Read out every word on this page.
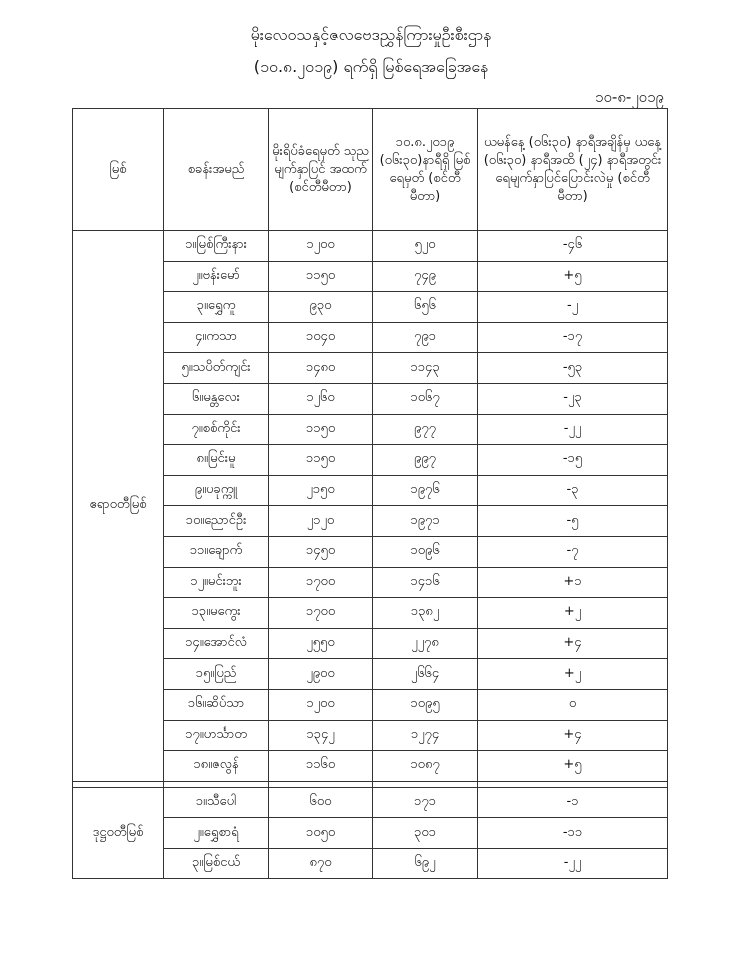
မိုးလေဝသနှင့်ဇလဗေဒညွှန်ကြားမှုဦးစီးဌာန
(၁၀.၈.၂၀၁၉) ရက်ရှိ မြစ်ရေအခြေအနေ
၁၀-၈-၂၀၁၉
မြစ်	စခန်းအမည်	မိုးရိပ်ခံရေမှတ် သုညမျက်နှာပြင် အထက် (စင်တီမီတာ)	၁၀.၈.၂၀၁၉ (၀၆း၃၀)နာရီရှိ မြစ်ရေမှတ် (စင်တီမီတာ)	ယမန်နေ့ (၀၆း၃၀) နာရီအချိန်မှ ယနေ့ (၀၆း၃၀) နာရီအထိ (၂၄) နာရီအတွင်း ရေမျက်နှာပြင်ပြောင်းလဲမှု (စင်တီမီတာ)
ဧရာဝတီမြစ်	၁။မြစ်ကြီးနား	၁၂၀၀	၅၂၀	-၄၆
	၂။ဗန်းမော်	၁၁၅၀	၇၄၉	+၅
	၃။ရွှေကူ	၉၃၀	၆၅၆	-၂
	၄။ကသာ	၁၀၄၀	၇၉၁	-၁၇
	၅။သပိတ်ကျင်း	၁၄၈၀	၁၁၄၃	-၅၃
	၆။မန္တလေး	၁၂၆၀	၁၀၆၇	-၂၃
	၇။စစ်ကိုင်း	၁၁၅၀	၉၇၇	-၂၂
	၈။မြင်းမူ	၁၁၅၀	၉၉၇	-၁၅
	၉။ပခုက္ကူ	၂၁၅၀	၁၉၇၆	-၃
	၁၀။ညောင်ဦး	၂၁၂၀	၁၉၇၁	-၅
	၁၁။ချောက်	၁၄၅၀	၁၀၉၆	-၇
	၁၂။မင်းဘူး	၁၇၀၀	၁၄၁၆	+၁
	၁၃။မကွေး	၁၇၀၀	၁၃၈၂	+၂
	၁၄။အောင်လံ	၂၅၅၀	၂၂၇၈	+၄
	၁၅။ပြည်	၂၉၀၀	၂၆၆၄	+၂
	၁၆။ဆိပ်သာ	၁၂၀၀	၁၀၉၅	၀
	၁၇။ဟင်္သာတ	၁၃၄၂	၁၂၇၄	+၄
	၁၈။ဇလွန်	၁၁၆၀	၁၀၈၇	+၅

ဒုဋ္ဌဝတီမြစ်	၁။သီပေါ	၆၀၀	၁၇၁	-၁
	၂။ရွှေစာရံ	၁၀၅၀	၃၀၁	-၁၁
	၃။မြစ်ငယ်	၈၇၀	၆၉၂	-၂၂
